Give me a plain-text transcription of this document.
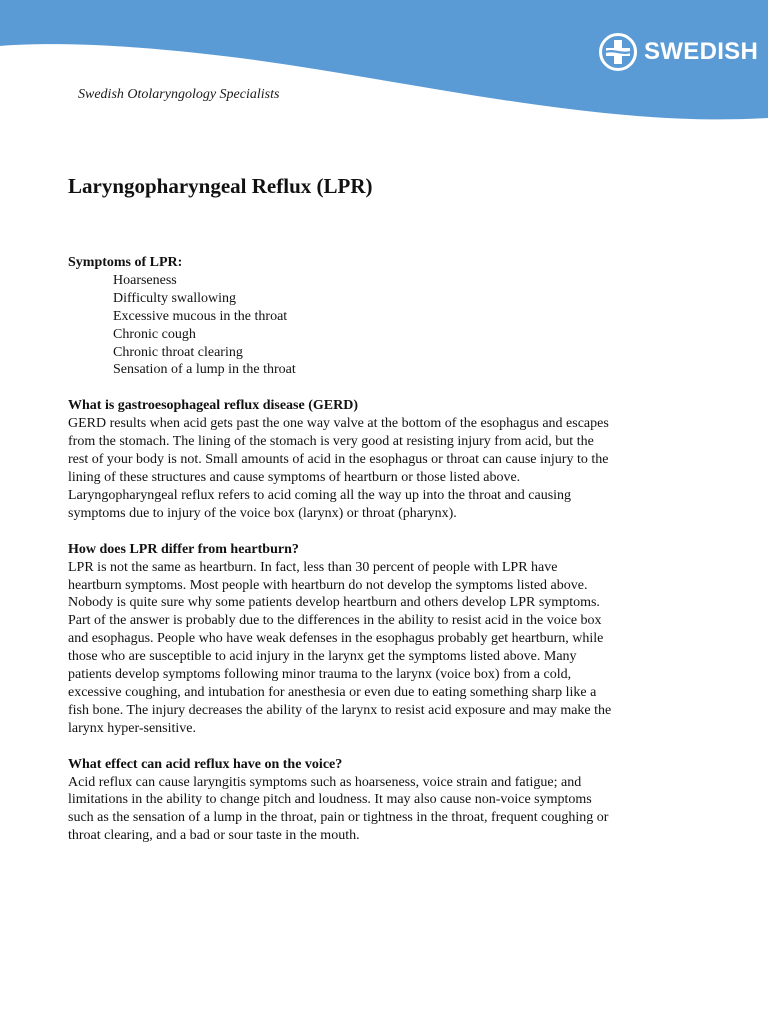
SWEDISH
Swedish Otolaryngology Specialists
Laryngopharyngeal Reflux (LPR)

Symptoms of LPR:

Hoarseness
Difficulty swallowing
Excessive mucous in the throat
Chronic cough
Chronic throat clearing
Sensation of a lump in the throat

What is gastroesophageal reflux disease (GERD)

GERD results when acid gets past the one way valve at the bottom of the esophagus and escapes
from the stomach. The lining of the stomach is very good at resisting injury from acid, but the
rest of your body is not. Small amounts of acid in the esophagus or throat can cause injury to the
lining of these structures and cause symptoms of heartburn or those listed above.
Laryngopharyngeal reflux refers to acid coming all the way up into the throat and causing
symptoms due to injury of the voice box (larynx) or throat (pharynx).

How does LPR differ from heartburn?

LPR is not the same as heartburn. In fact, less than 30 percent of people with LPR have
heartburn symptoms. Most people with heartburn do not develop the symptoms listed above.
Nobody is quite sure why some patients develop heartburn and others develop LPR symptoms.
Part of the answer is probably due to the differences in the ability to resist acid in the voice box
and esophagus. People who have weak defenses in the esophagus probably get heartburn, while
those who are susceptible to acid injury in the larynx get the symptoms listed above. Many
patients develop symptoms following minor trauma to the larynx (voice box) from a cold,
excessive coughing, and intubation for anesthesia or even due to eating something sharp like a
fish bone. The injury decreases the ability of the larynx to resist acid exposure and may make the
larynx hyper-sensitive.

What effect can acid reflux have on the voice?

Acid reflux can cause laryngitis symptoms such as hoarseness, voice strain and fatigue; and
limitations in the ability to change pitch and loudness. It may also cause non-voice symptoms
such as the sensation of a lump in the throat, pain or tightness in the throat, frequent coughing or
throat clearing, and a bad or sour taste in the mouth.
